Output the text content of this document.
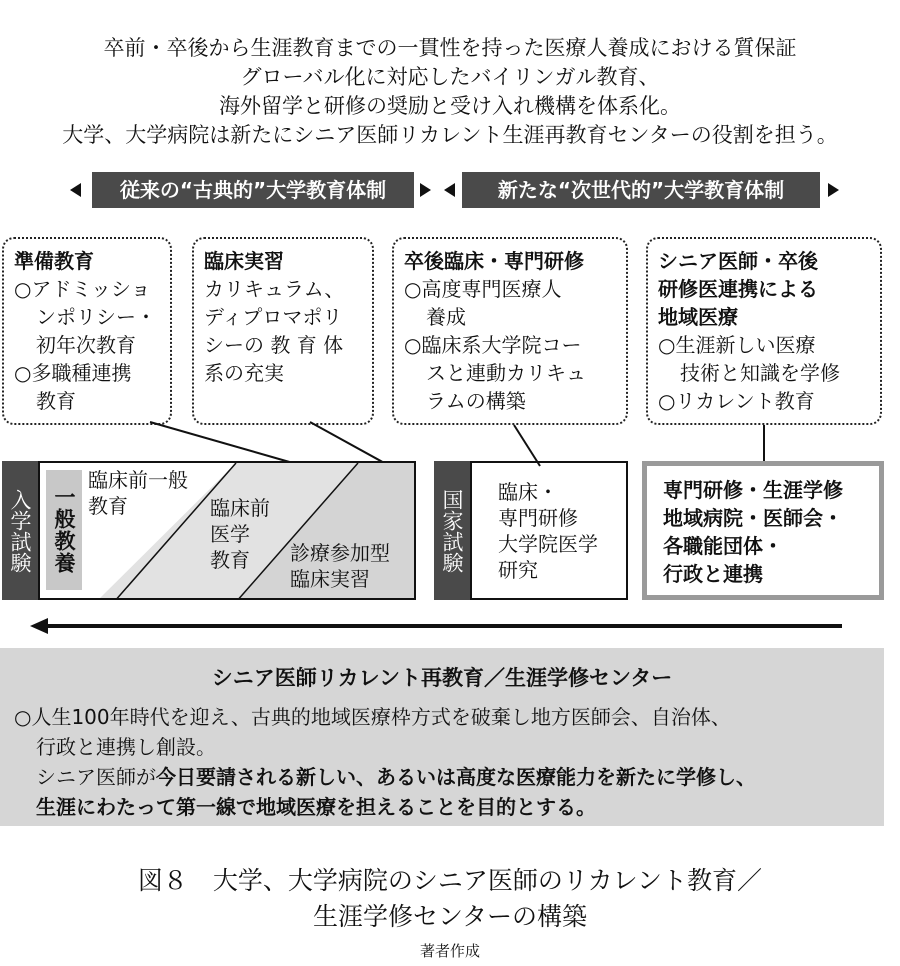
卒前・卒後から生涯教育までの一貫性を持った医療人養成における質保証
グローバル化に対応したバイリンガル教育、
海外留学と研修の奨励と受け入れ機構を体系化。
大学、大学病院は新たにシニア医師リカレント生涯再教育センターの役割を担う。
従来の“古典的”大学教育体制	新たな“次世代的”大学教育体制
準備教育
○アドミッショ
ンポリシー・
初年次教育
○多職種連携
教育
臨床実習
カリキュラム、
ディプロマポリ
シーの 教 育 体
系の充実
卒後臨床・専門研修
○高度専門医療人
養成
○臨床系大学院コー
スと連動カリキュ
ラムの構築
シニア医師・卒後
研修医連携による
地域医療
○生涯新しい医療
技術と知識を学修
○リカレント教育
入学試験 一般教養
臨床前一般
教育	臨床前
医学
教育	診療参加型
臨床実習
国家試験	臨床・
専門研修
大学院医学
研究
専門研修・生涯学修
地域病院・医師会・
各職能団体・
行政と連携
シニア医師リカレント再教育／生涯学修センター
○人生100年時代を迎え、古典的地域医療枠方式を破棄し地方医師会、自治体、
行政と連携し創設。
シニア医師が今日要請される新しい、あるいは高度な医療能力を新たに学修し、
生涯にわたって第一線で地域医療を担えることを目的とする。
図８　大学、大学病院のシニア医師のリカレント教育／
生涯学修センターの構築
著者作成
